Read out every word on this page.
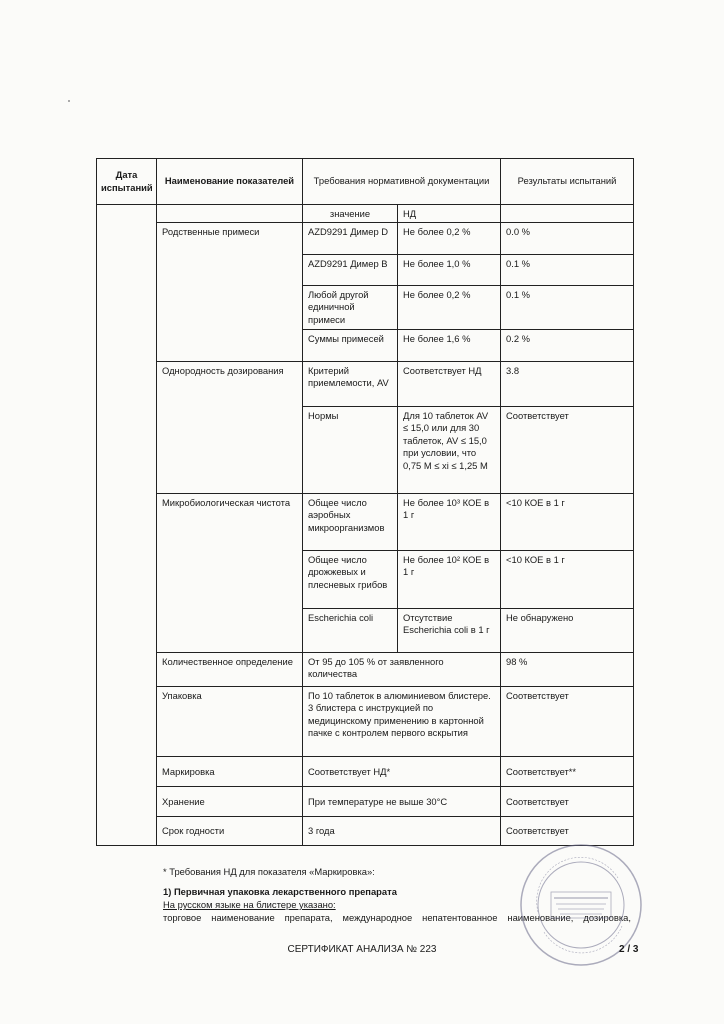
Дата испытаний	Наименование показателей	Требования нормативной документации		Результаты испытаний
		значение	НД	
	Родственные примеси	AZD9291 Димер D	Не более 0,2 %	0.0 %
		AZD9291 Димер B	Не более 1,0 %	0.1 %
		Любой другой единичной примеси	Не более 0,2 %	0.1 %
		Суммы примесей	Не более 1,6 %	0.2 %
	Однородность дозирования	Критерий приемлемости, AV	Соответствует НД	3.8
		Нормы	Для 10 таблеток AV ≤ 15,0 или для 30 таблеток, AV ≤ 15,0 при условии, что 0,75 M ≤ xi ≤ 1,25 M	Соответствует
	Микробиологическая чистота	Общее число аэробных микроорганизмов	Не более 10³ КОЕ в 1 г	<10 КОЕ в 1 г
		Общее число дрожжевых и плесневых грибов	Не более 10² КОЕ в 1 г	<10 КОЕ в 1 г
		Escherichia coli	Отсутствие Escherichia coli в 1 г	Не обнаружено
	Количественное определение	От 95 до 105 % от заявленного количества		98 %
	Упаковка	По 10 таблеток в алюминиевом блистере. 3 блистера с инструкцией по медицинскому применению в картонной пачке с контролем первого вскрытия		Соответствует
	Маркировка	Соответствует НД*		Соответствует**
	Хранение	При температуре не выше 30°С		Соответствует
	Срок годности	3 года		Соответствует
* Требования НД для показателя «Маркировка»:
1) Первичная упаковка лекарственного препарата
На русском языке на блистере указано:
торговое наименование препарата, международное непатентованное наименование, дозировка,
СЕРТИФИКАТ АНАЛИЗА № 223	2 / 3
